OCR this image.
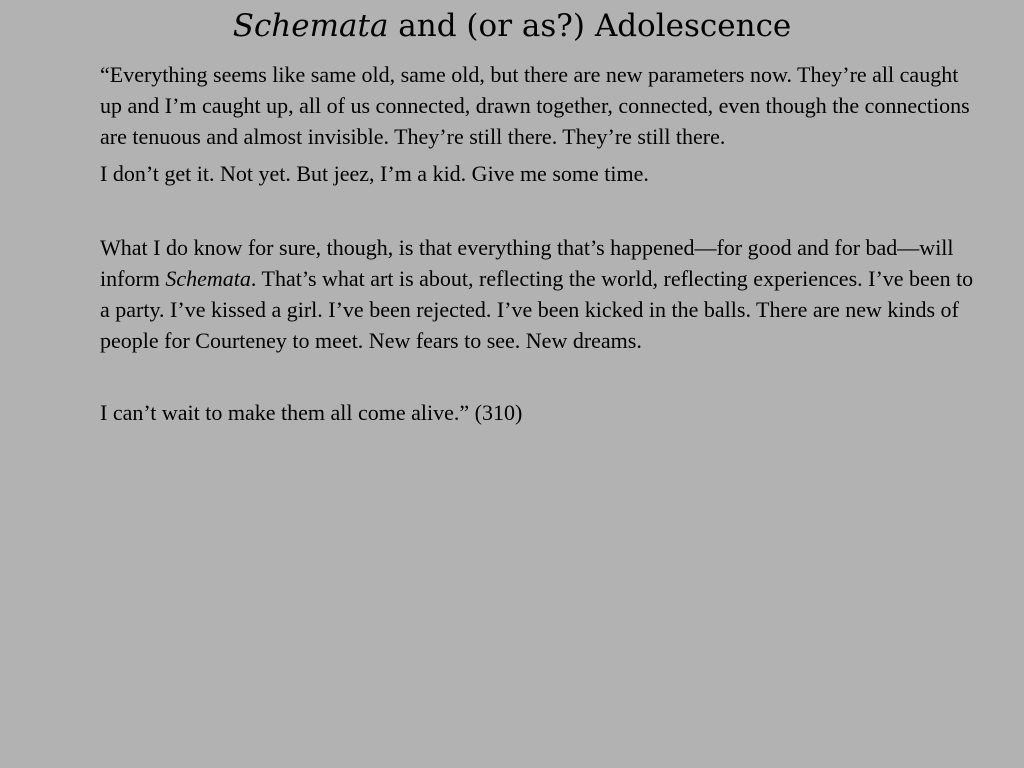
Schemata and (or as?) Adolescence

“Everything seems like same old, same old, but there are new parameters now. They’re all caught up and I’m caught up, all of us connected, drawn together, connected, even though the connections are tenuous and almost invisible. They’re still there. They’re still there.

I don’t get it. Not yet. But jeez, I’m a kid. Give me some time.

What I do know for sure, though, is that everything that’s happened—for good and for bad—will inform Schemata. That’s what art is about, reflecting the world, reflecting experiences. I’ve been to a party. I’ve kissed a girl. I’ve been rejected. I’ve been kicked in the balls. There are new kinds of people for Courteney to meet. New fears to see. New dreams.

I can’t wait to make them all come alive.” (310)
